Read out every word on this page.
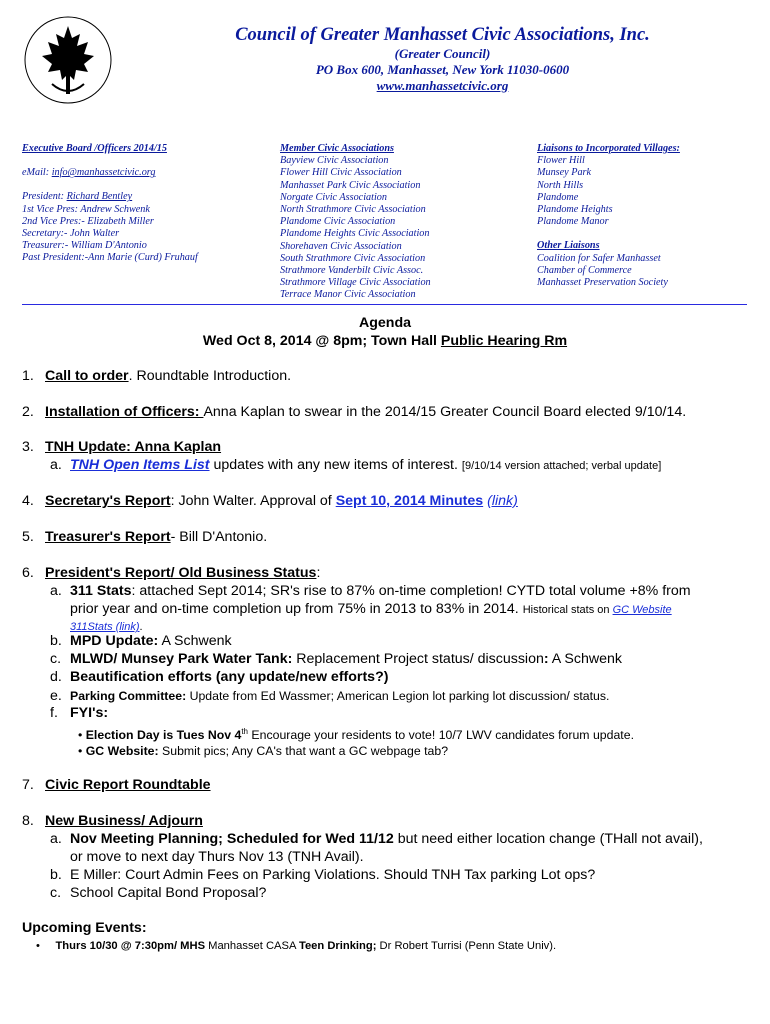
Council of Greater Manhasset Civic Associations, Inc.
(Greater Council)
PO Box 600, Manhasset, New York 11030-0600
www.manhassetcivic.org
Executive Board /Officers 2014/15
eMail: info@manhassetcivic.org
President: Richard Bentley
1st Vice Pres: Andrew Schwenk
2nd Vice Pres:- Elizabeth Miller
Secretary:- John Walter
Treasurer:- William D'Antonio
Past President:-Ann Marie (Curd) Fruhauf
Member Civic Associations
Bayview Civic Association
Flower Hill Civic Association
Manhasset Park Civic Association
Norgate Civic Association
North Strathmore Civic Association
Plandome Civic Association
Plandome Heights Civic Association
Shorehaven Civic Association
South Strathmore Civic Association
Strathmore Vanderbilt Civic Assoc.
Strathmore Village Civic Association
Terrace Manor Civic Association
Liaisons to Incorporated Villages:
Flower Hill
Munsey Park
North Hills
Plandome
Plandome Heights
Plandome Manor
Other Liaisons
Coalition for Safer Manhasset
Chamber of Commerce
Manhasset Preservation Society
Agenda
Wed Oct 8, 2014 @ 8pm; Town Hall Public Hearing Rm
1. Call to order. Roundtable Introduction.
2. Installation of Officers: Anna Kaplan to swear in the 2014/15 Greater Council Board elected 9/10/14.
3. TNH Update: Anna Kaplan
a. TNH Open Items List updates with any new items of interest. [9/10/14 version attached; verbal update]
4. Secretary's Report: John Walter. Approval of Sept 10, 2014 Minutes (link)
5. Treasurer's Report- Bill D'Antonio.
6. President's Report/ Old Business Status:
a. 311 Stats: attached Sept 2014; SR's rise to 87% on-time completion! CYTD total volume +8% from
prior year and on-time completion up from 75% in 2013 to 83% in 2014. Historical stats on GC Website
311Stats (link).
b. MPD Update: A Schwenk
c. MLWD/ Munsey Park Water Tank: Replacement Project status/ discussion: A Schwenk
d. Beautification efforts (any update/new efforts?)
e. Parking Committee: Update from Ed Wassmer; American Legion lot parking lot discussion/ status.
f. FYI's:
• Election Day is Tues Nov 4th Encourage your residents to vote! 10/7 LWV candidates forum update.
• GC Website: Submit pics; Any CA's that want a GC webpage tab?
7. Civic Report Roundtable
8. New Business/ Adjourn
a. Nov Meeting Planning; Scheduled for Wed 11/12 but need either location change (THall not avail),
or move to next day Thurs Nov 13 (TNH Avail).
b. E Miller: Court Admin Fees on Parking Violations. Should TNH Tax parking Lot ops?
c. School Capital Bond Proposal?
Upcoming Events:
•     Thurs 10/30 @ 7:30pm/ MHS Manhasset CASA Teen Drinking; Dr Robert Turrisi (Penn State Univ).
